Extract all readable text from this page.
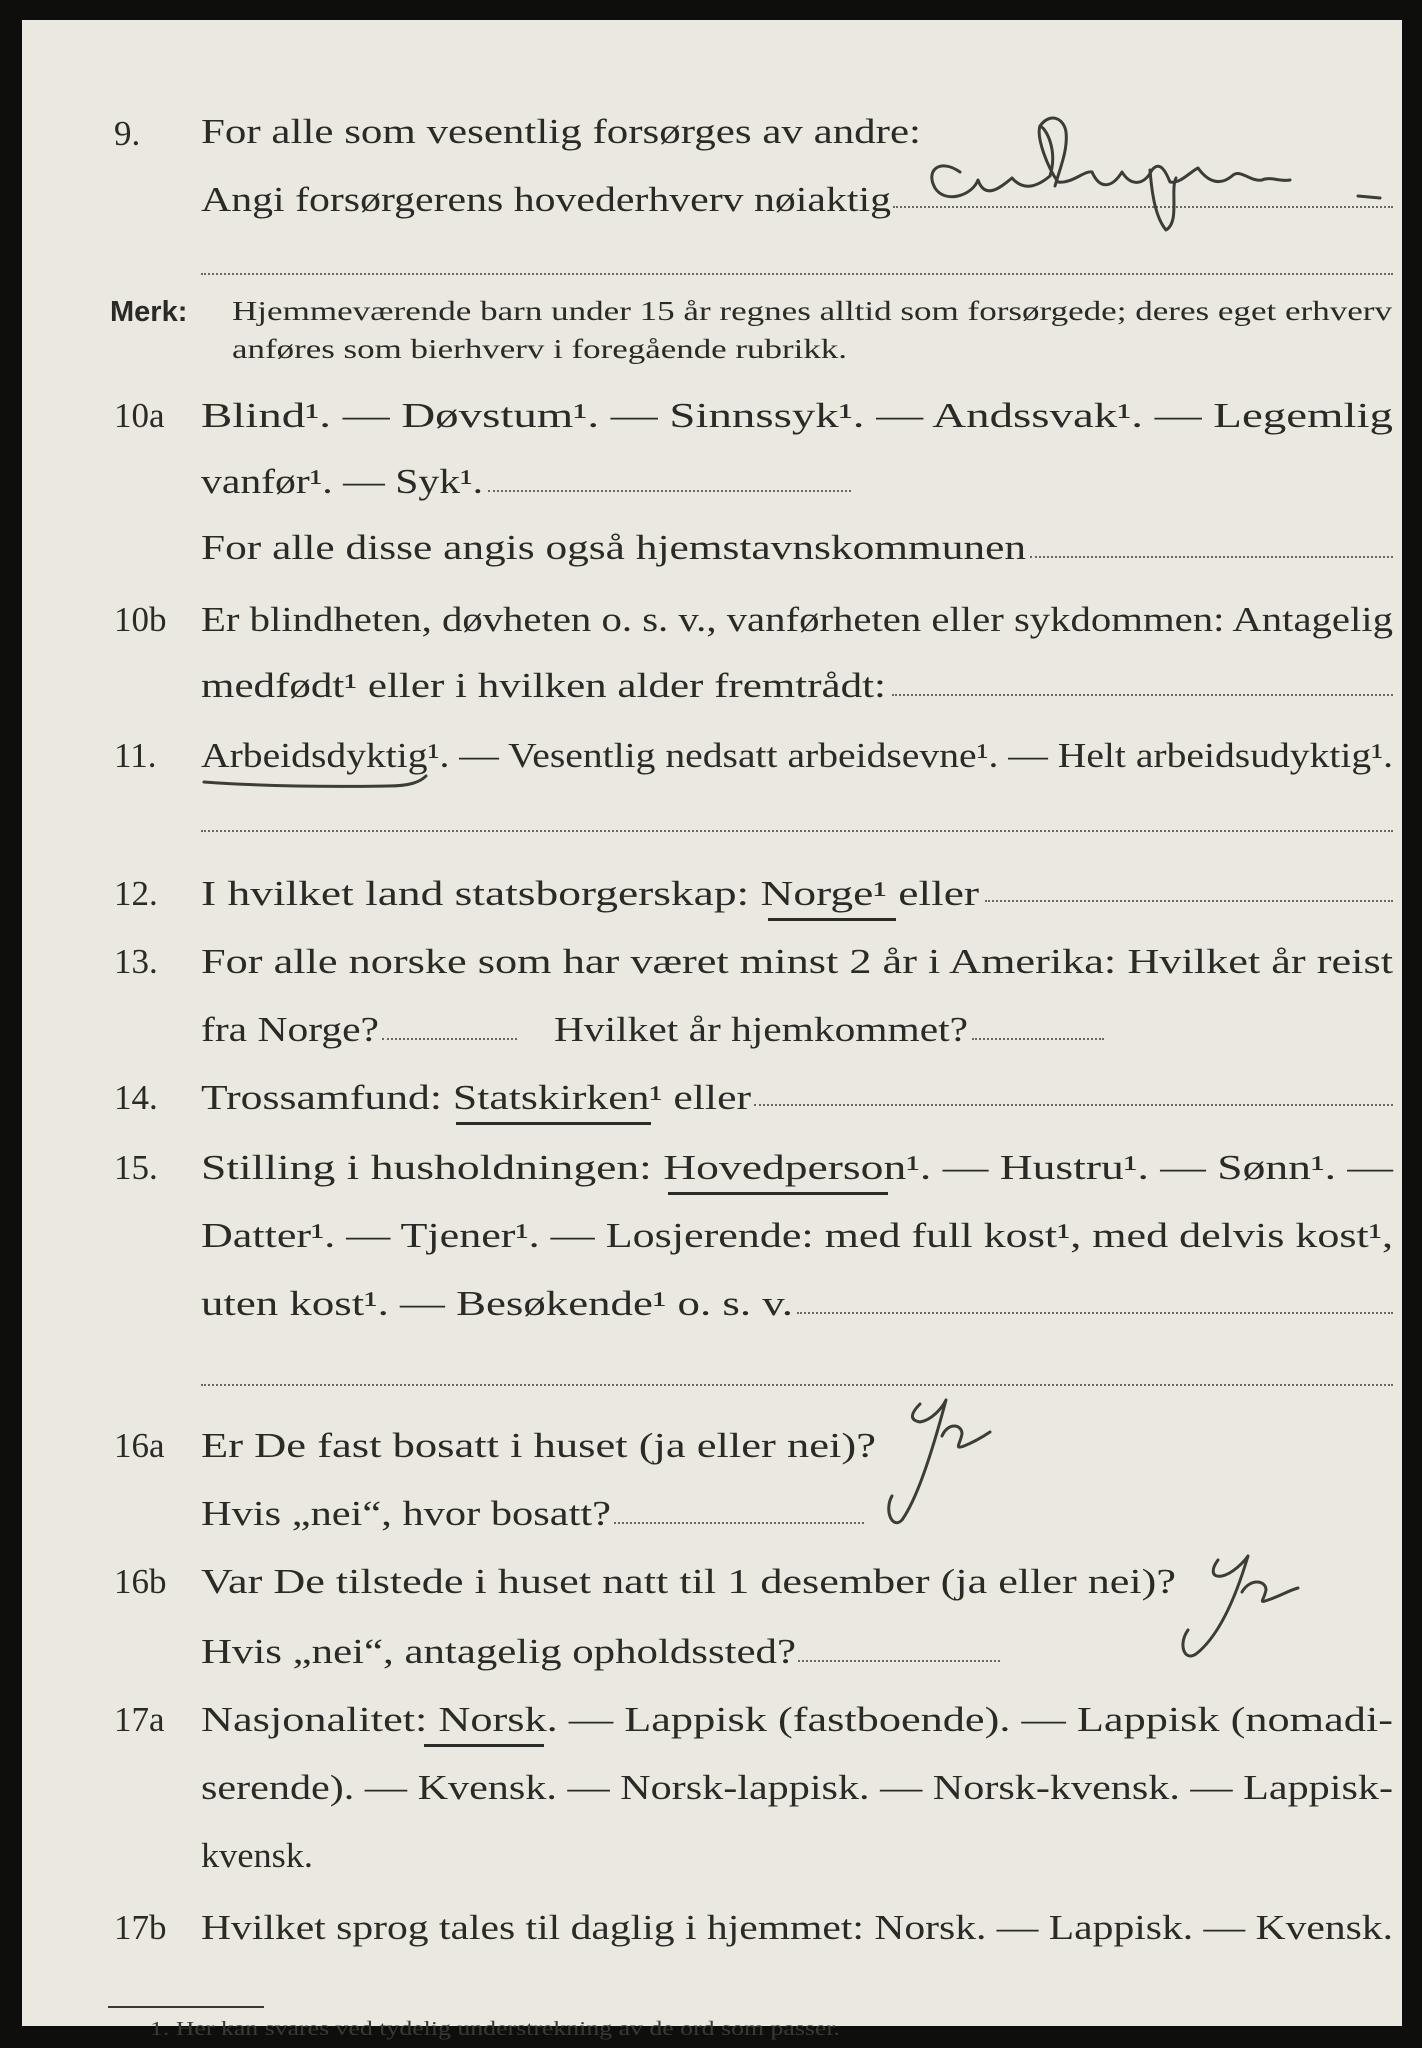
9. For alle som vesentlig forsørges av andre:
Angi forsørgerens hovederhverv nøiaktig
Merk: Hjemmeværende barn under 15 år regnes alltid som forsørgede; deres eget erhverv
anføres som bierhverv i foregående rubrikk.
10a Blind¹. — Døvstum¹. — Sinnssyk¹. — Andssvak¹. — Legemlig
vanfør¹. — Syk¹.
For alle disse angis også hjemstavnskommunen
10b Er blindheten, døvheten o. s. v., vanførheten eller sykdommen: Antagelig
medfødt¹ eller i hvilken alder fremtrådt:
11. Arbeidsdyktig¹. — Vesentlig nedsatt arbeidsevne¹. — Helt arbeidsudyktig¹.
12. I hvilket land statsborgerskap: Norge¹ eller
13. For alle norske som har været minst 2 år i Amerika: Hvilket år reist
fra Norge?	Hvilket år hjemkommet?
14. Trossamfund: Statskirken¹ eller
15. Stilling i husholdningen: Hovedperson¹. — Hustru¹. — Sønn¹. —
Datter¹. — Tjener¹. — Losjerende: med full kost¹, med delvis kost¹,
uten kost¹. — Besøkende¹ o. s. v.
16a Er De fast bosatt i huset (ja eller nei)?
Hvis „nei“, hvor bosatt?
16b Var De tilstede i huset natt til 1 desember (ja eller nei)?
Hvis „nei“, antagelig opholdssted?
17a Nasjonalitet: Norsk. — Lappisk (fastboende). — Lappisk (nomadi-
serende). — Kvensk. — Norsk-lappisk. — Norsk-kvensk. — Lappisk-
kvensk.
17b Hvilket sprog tales til daglig i hjemmet: Norsk. — Lappisk. — Kvensk.
1. Her kan svares ved tydelig understrekning av de ord som passer.
